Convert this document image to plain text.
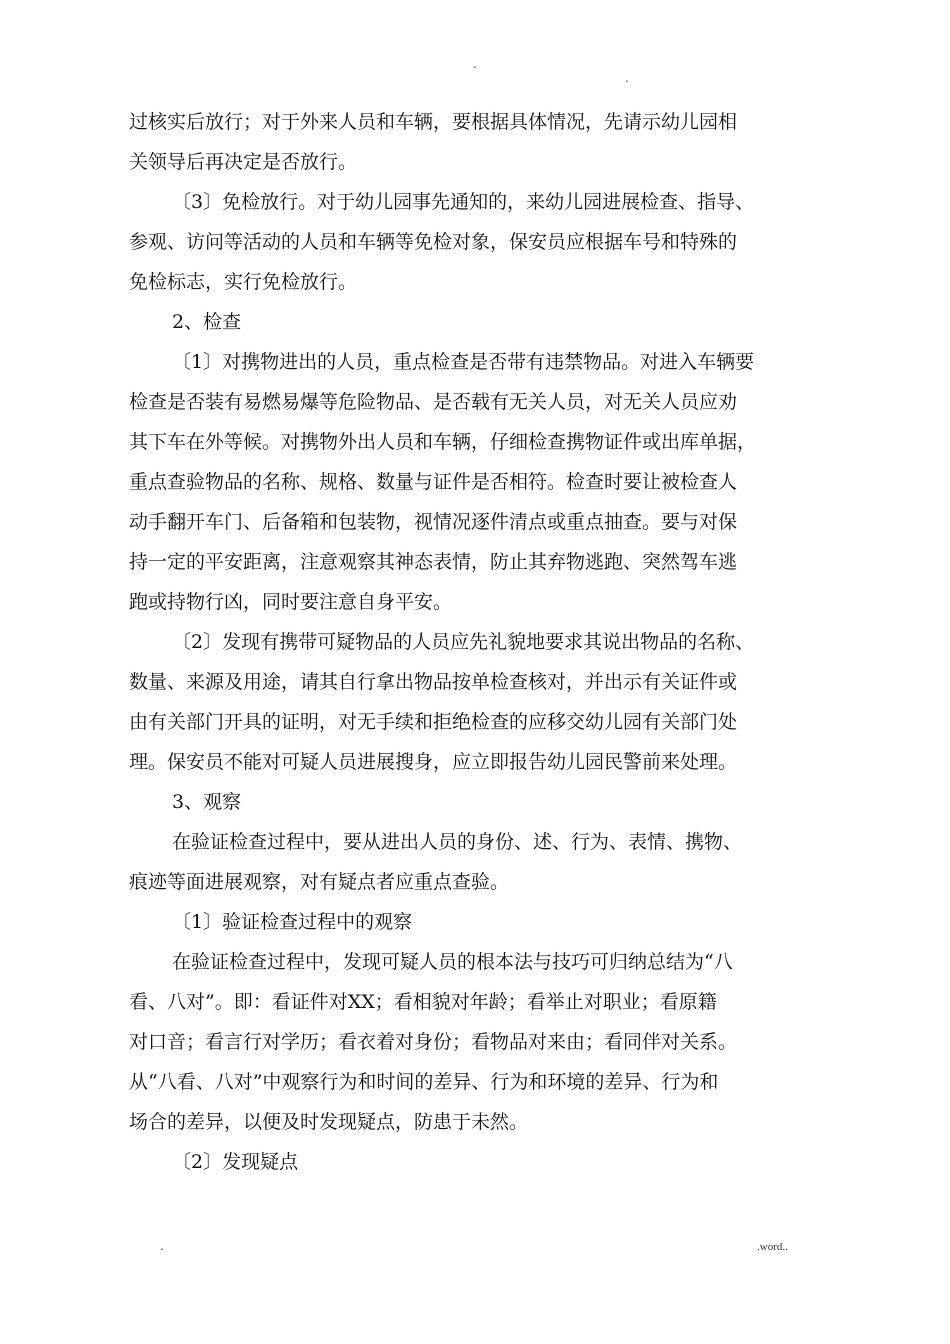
.
.
过核实后放行；对于外来人员和车辆，要根据具体情况，先请示幼儿园相
关领导后再决定是否放行。
〔3〕免检放行。对于幼儿园事先通知的，来幼儿园进展检查、指导、
参观、访问等活动的人员和车辆等免检对象，保安员应根据车号和特殊的
免检标志，实行免检放行。
2、检查
〔1〕对携物进出的人员，重点检查是否带有违禁物品。对进入车辆要
检查是否装有易燃易爆等危险物品、是否载有无关人员，对无关人员应劝
其下车在外等候。对携物外出人员和车辆，仔细检查携物证件或出库单据，
重点查验物品的名称、规格、数量与证件是否相符。检查时要让被检查人
动手翻开车门、后备箱和包装物，视情况逐件清点或重点抽查。要与对保
持一定的平安距离，注意观察其神态表情，防止其弃物逃跑、突然驾车逃
跑或持物行凶，同时要注意自身平安。
〔2〕发现有携带可疑物品的人员应先礼貌地要求其说出物品的名称、
数量、来源及用途，请其自行拿出物品按单检查核对，并出示有关证件或
由有关部门开具的证明，对无手续和拒绝检查的应移交幼儿园有关部门处
理。保安员不能对可疑人员进展搜身，应立即报告幼儿园民警前来处理。
3、观察
在验证检查过程中，要从进出人员的身份、述、行为、表情、携物、
痕迹等面进展观察，对有疑点者应重点查验。
〔1〕验证检查过程中的观察
在验证检查过程中，发现可疑人员的根本法与技巧可归纳总结为“八
看、八对”。即：看证件对XX；看相貌对年龄；看举止对职业；看原籍
对口音；看言行对学历；看衣着对身份；看物品对来由；看同伴对关系。
从“八看、八对”中观察行为和时间的差异、行为和环境的差异、行为和
场合的差异，以便及时发现疑点，防患于未然。
〔2〕发现疑点
.	.word..
